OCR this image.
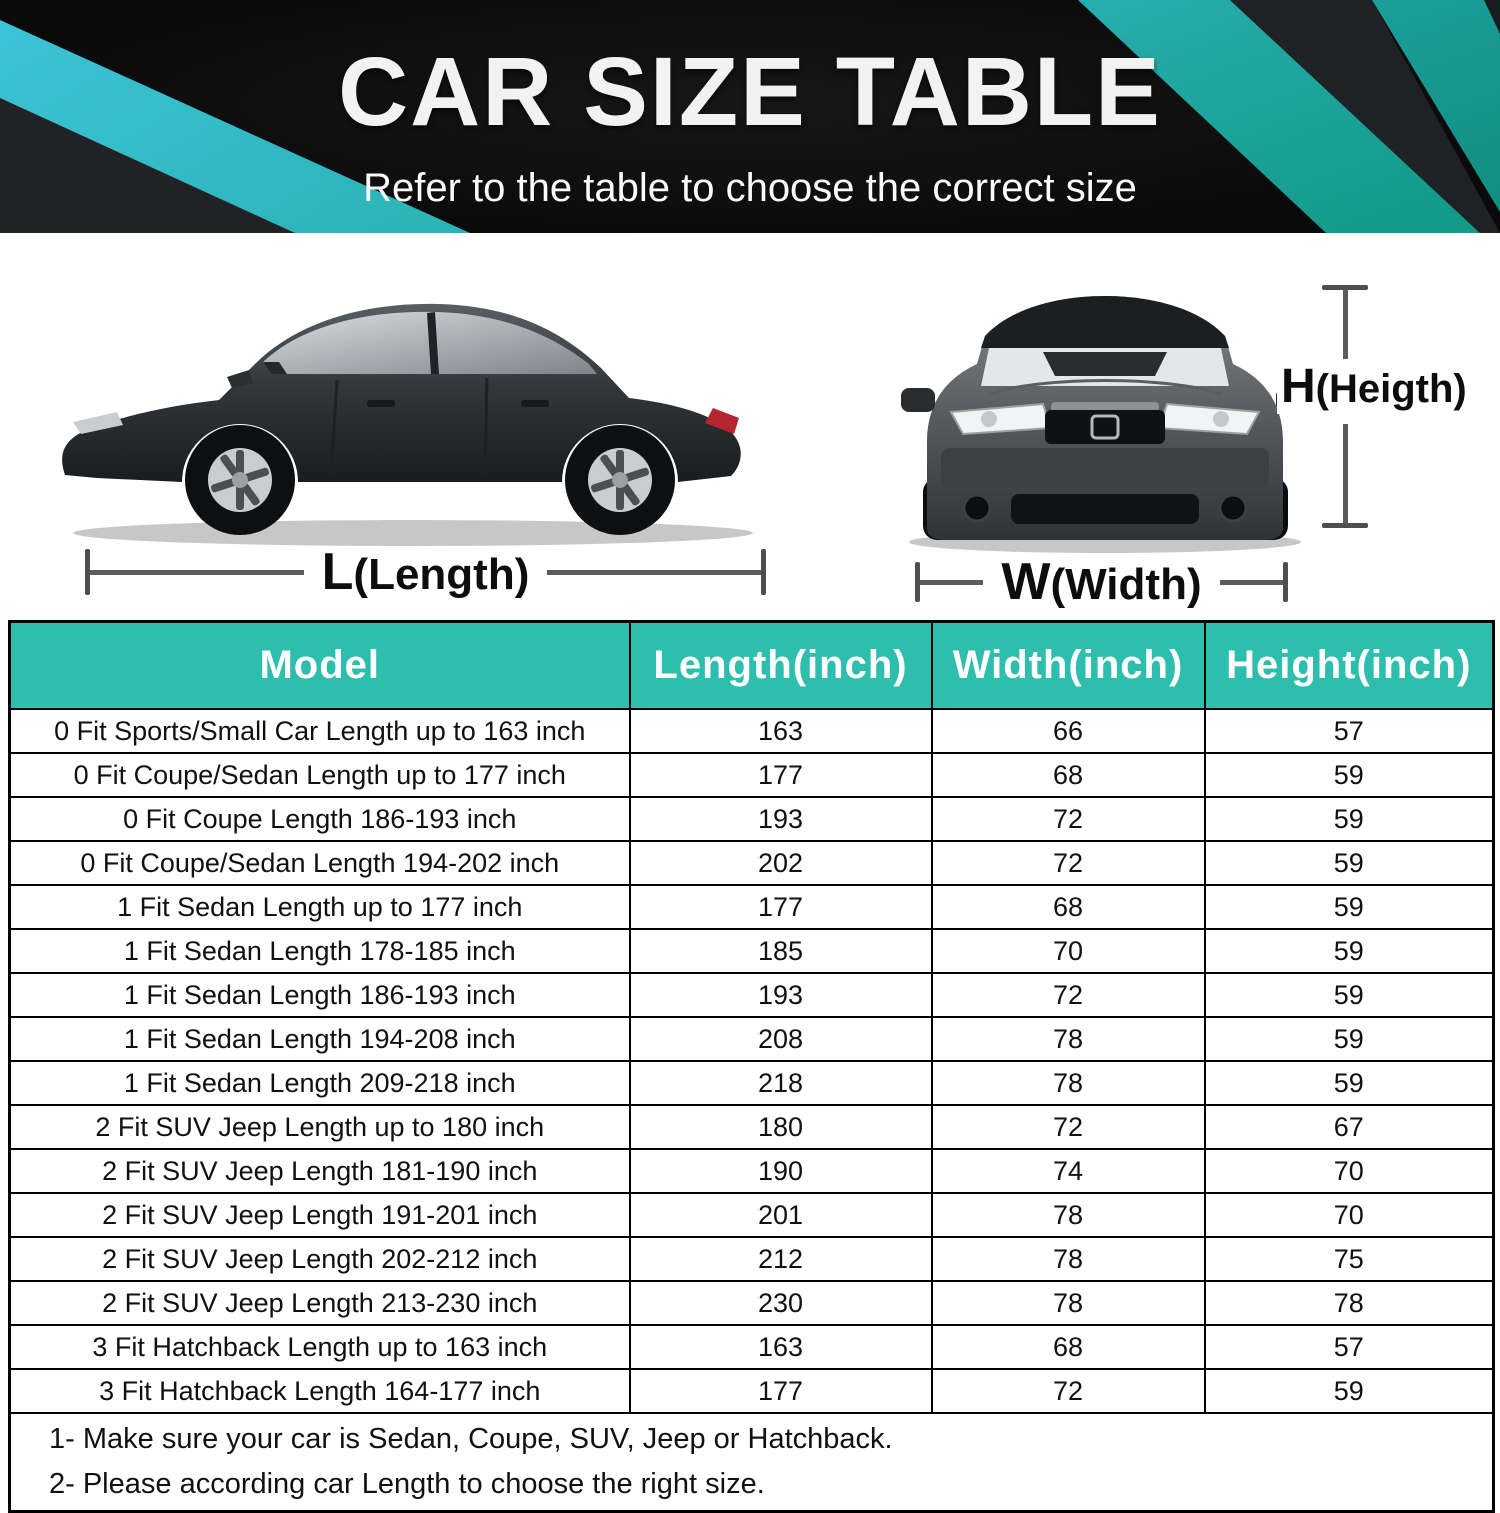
CAR SIZE TABLE
Refer to the table to choose the correct size
L(Length)
H(Heigth)
W(Width)
Model	Length(inch)	Width(inch)	Height(inch)
0 Fit Sports/Small Car Length up to 163 inch	163	66	57
0 Fit Coupe/Sedan Length up to 177 inch	177	68	59
0 Fit Coupe Length 186-193 inch	193	72	59
0 Fit Coupe/Sedan Length 194-202 inch	202	72	59
1 Fit Sedan Length up to 177 inch	177	68	59
1 Fit Sedan Length 178-185 inch	185	70	59
1 Fit Sedan Length 186-193 inch	193	72	59
1 Fit Sedan Length 194-208 inch	208	78	59
1 Fit Sedan Length 209-218 inch	218	78	59
2 Fit SUV Jeep Length up to 180 inch	180	72	67
2 Fit SUV Jeep Length 181-190 inch	190	74	70
2 Fit SUV Jeep Length 191-201 inch	201	78	70
2 Fit SUV Jeep Length 202-212 inch	212	78	75
2 Fit SUV Jeep Length 213-230 inch	230	78	78
3 Fit Hatchback Length up to 163 inch	163	68	57
3 Fit Hatchback Length 164-177 inch	177	72	59

1- Make sure your car is Sedan, Coupe, SUV, Jeep or Hatchback.
2- Please according car Length to choose the right size.			
